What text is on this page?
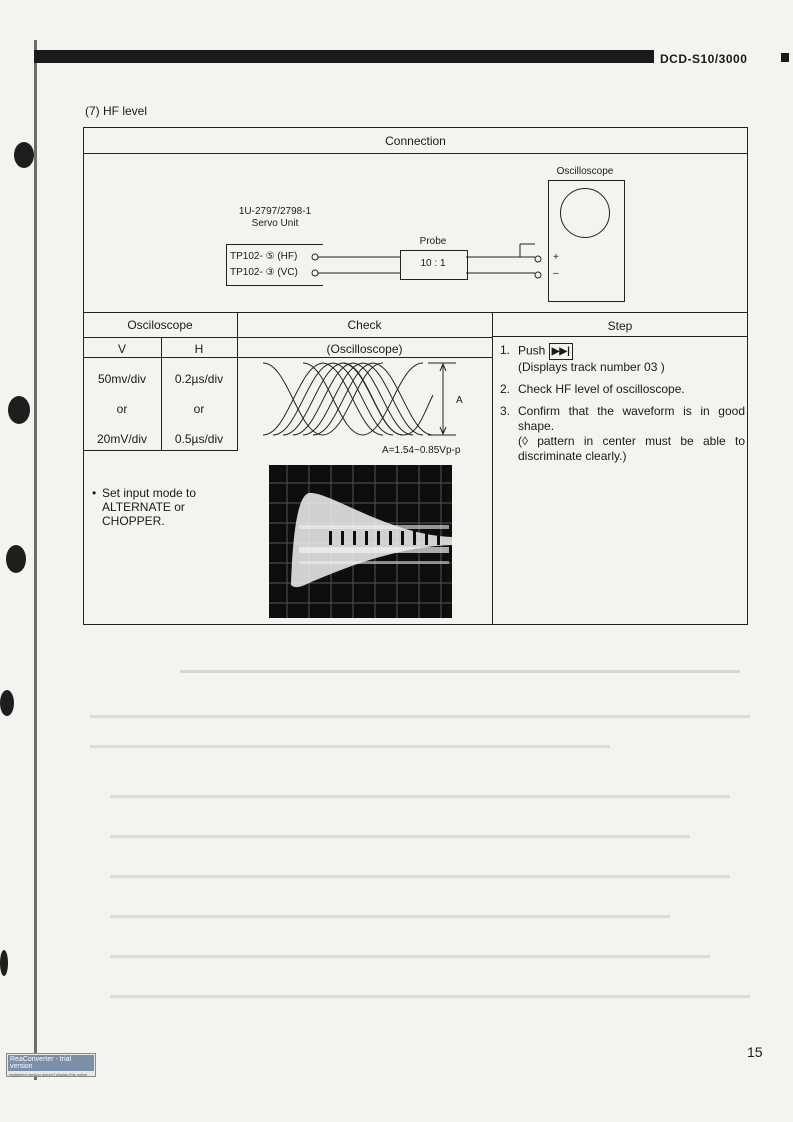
DCD-S10/3000
(7) HF level
Connection
Oscilloscope
1U-2797/2798-1
Servo Unit
TP102- ⑤ (HF)
TP102- ③ (VC)
Probe
10 : 1
+
–
Osciloscope	Check	Step
V	H	(Oscilloscope)
50mv/div	0.2µs/div
or	or
20mV/div	0.5µs/div
• Set input mode to ALTERNATE or CHOPPER.
A
A=1.54~0.85Vp-p
1. Push ▶▶|
(Displays track number 03 )
2. Check HF level of oscilloscope.
3. Confirm that the waveform is in good shape.
(◊ pattern in center must be able to discriminate clearly.)
15
ReaConverter - trial version
registered version doesn't display this notice
